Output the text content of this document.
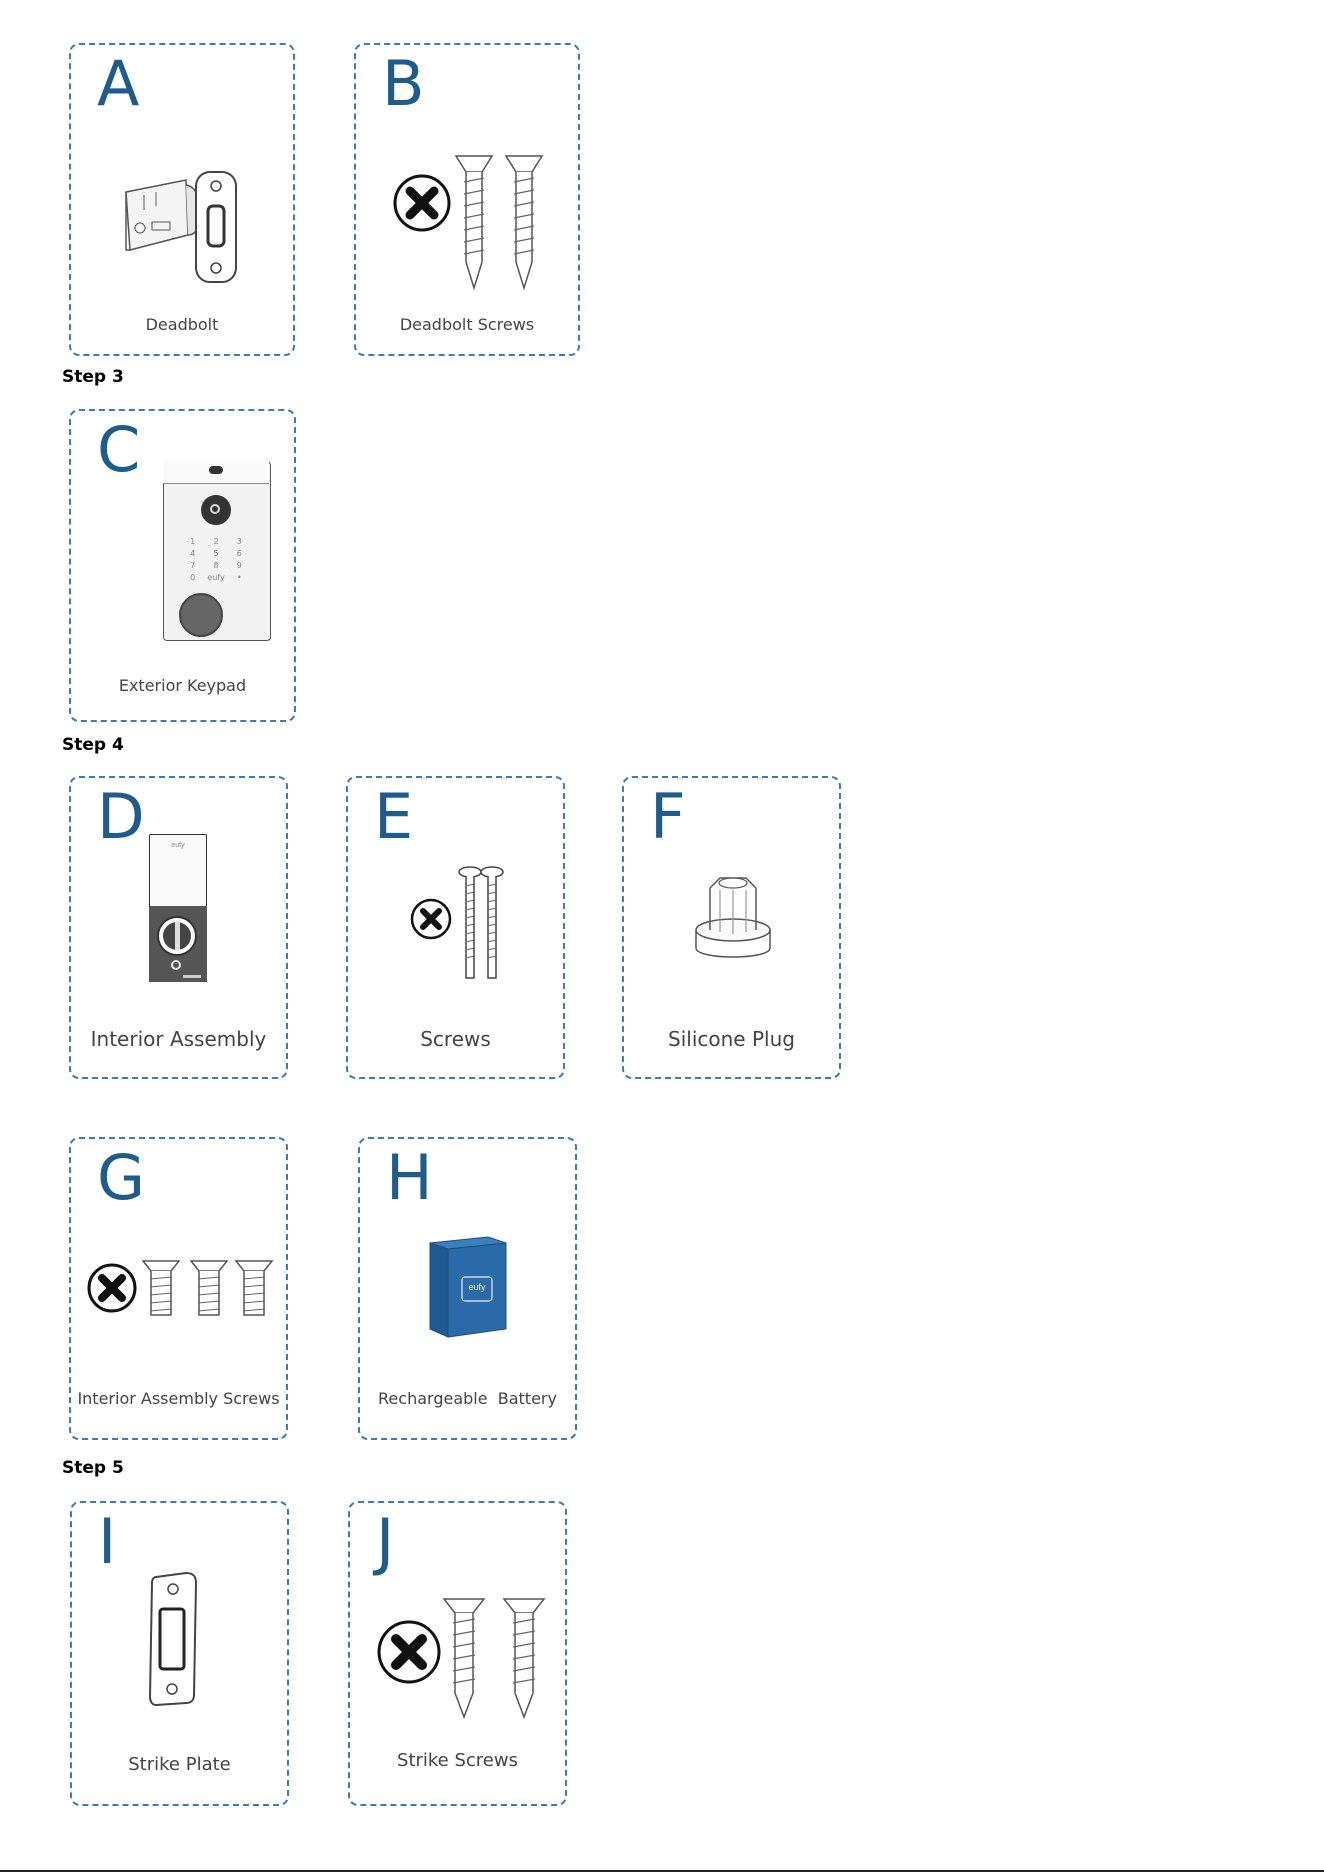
A
Deadbolt
B
Deadbolt Screws
Step 3
C
1	2	3
4	5	6
7	8	9
0	eufy	•
Exterior Keypad
Step 4
D	eufy
Interior Assembly
E
Screws
F
Silicone Plug
G
Interior Assembly Screws
H
eufy
Rechargeable  Battery
Step 5
I
Strike Plate
J
Strike Screws
